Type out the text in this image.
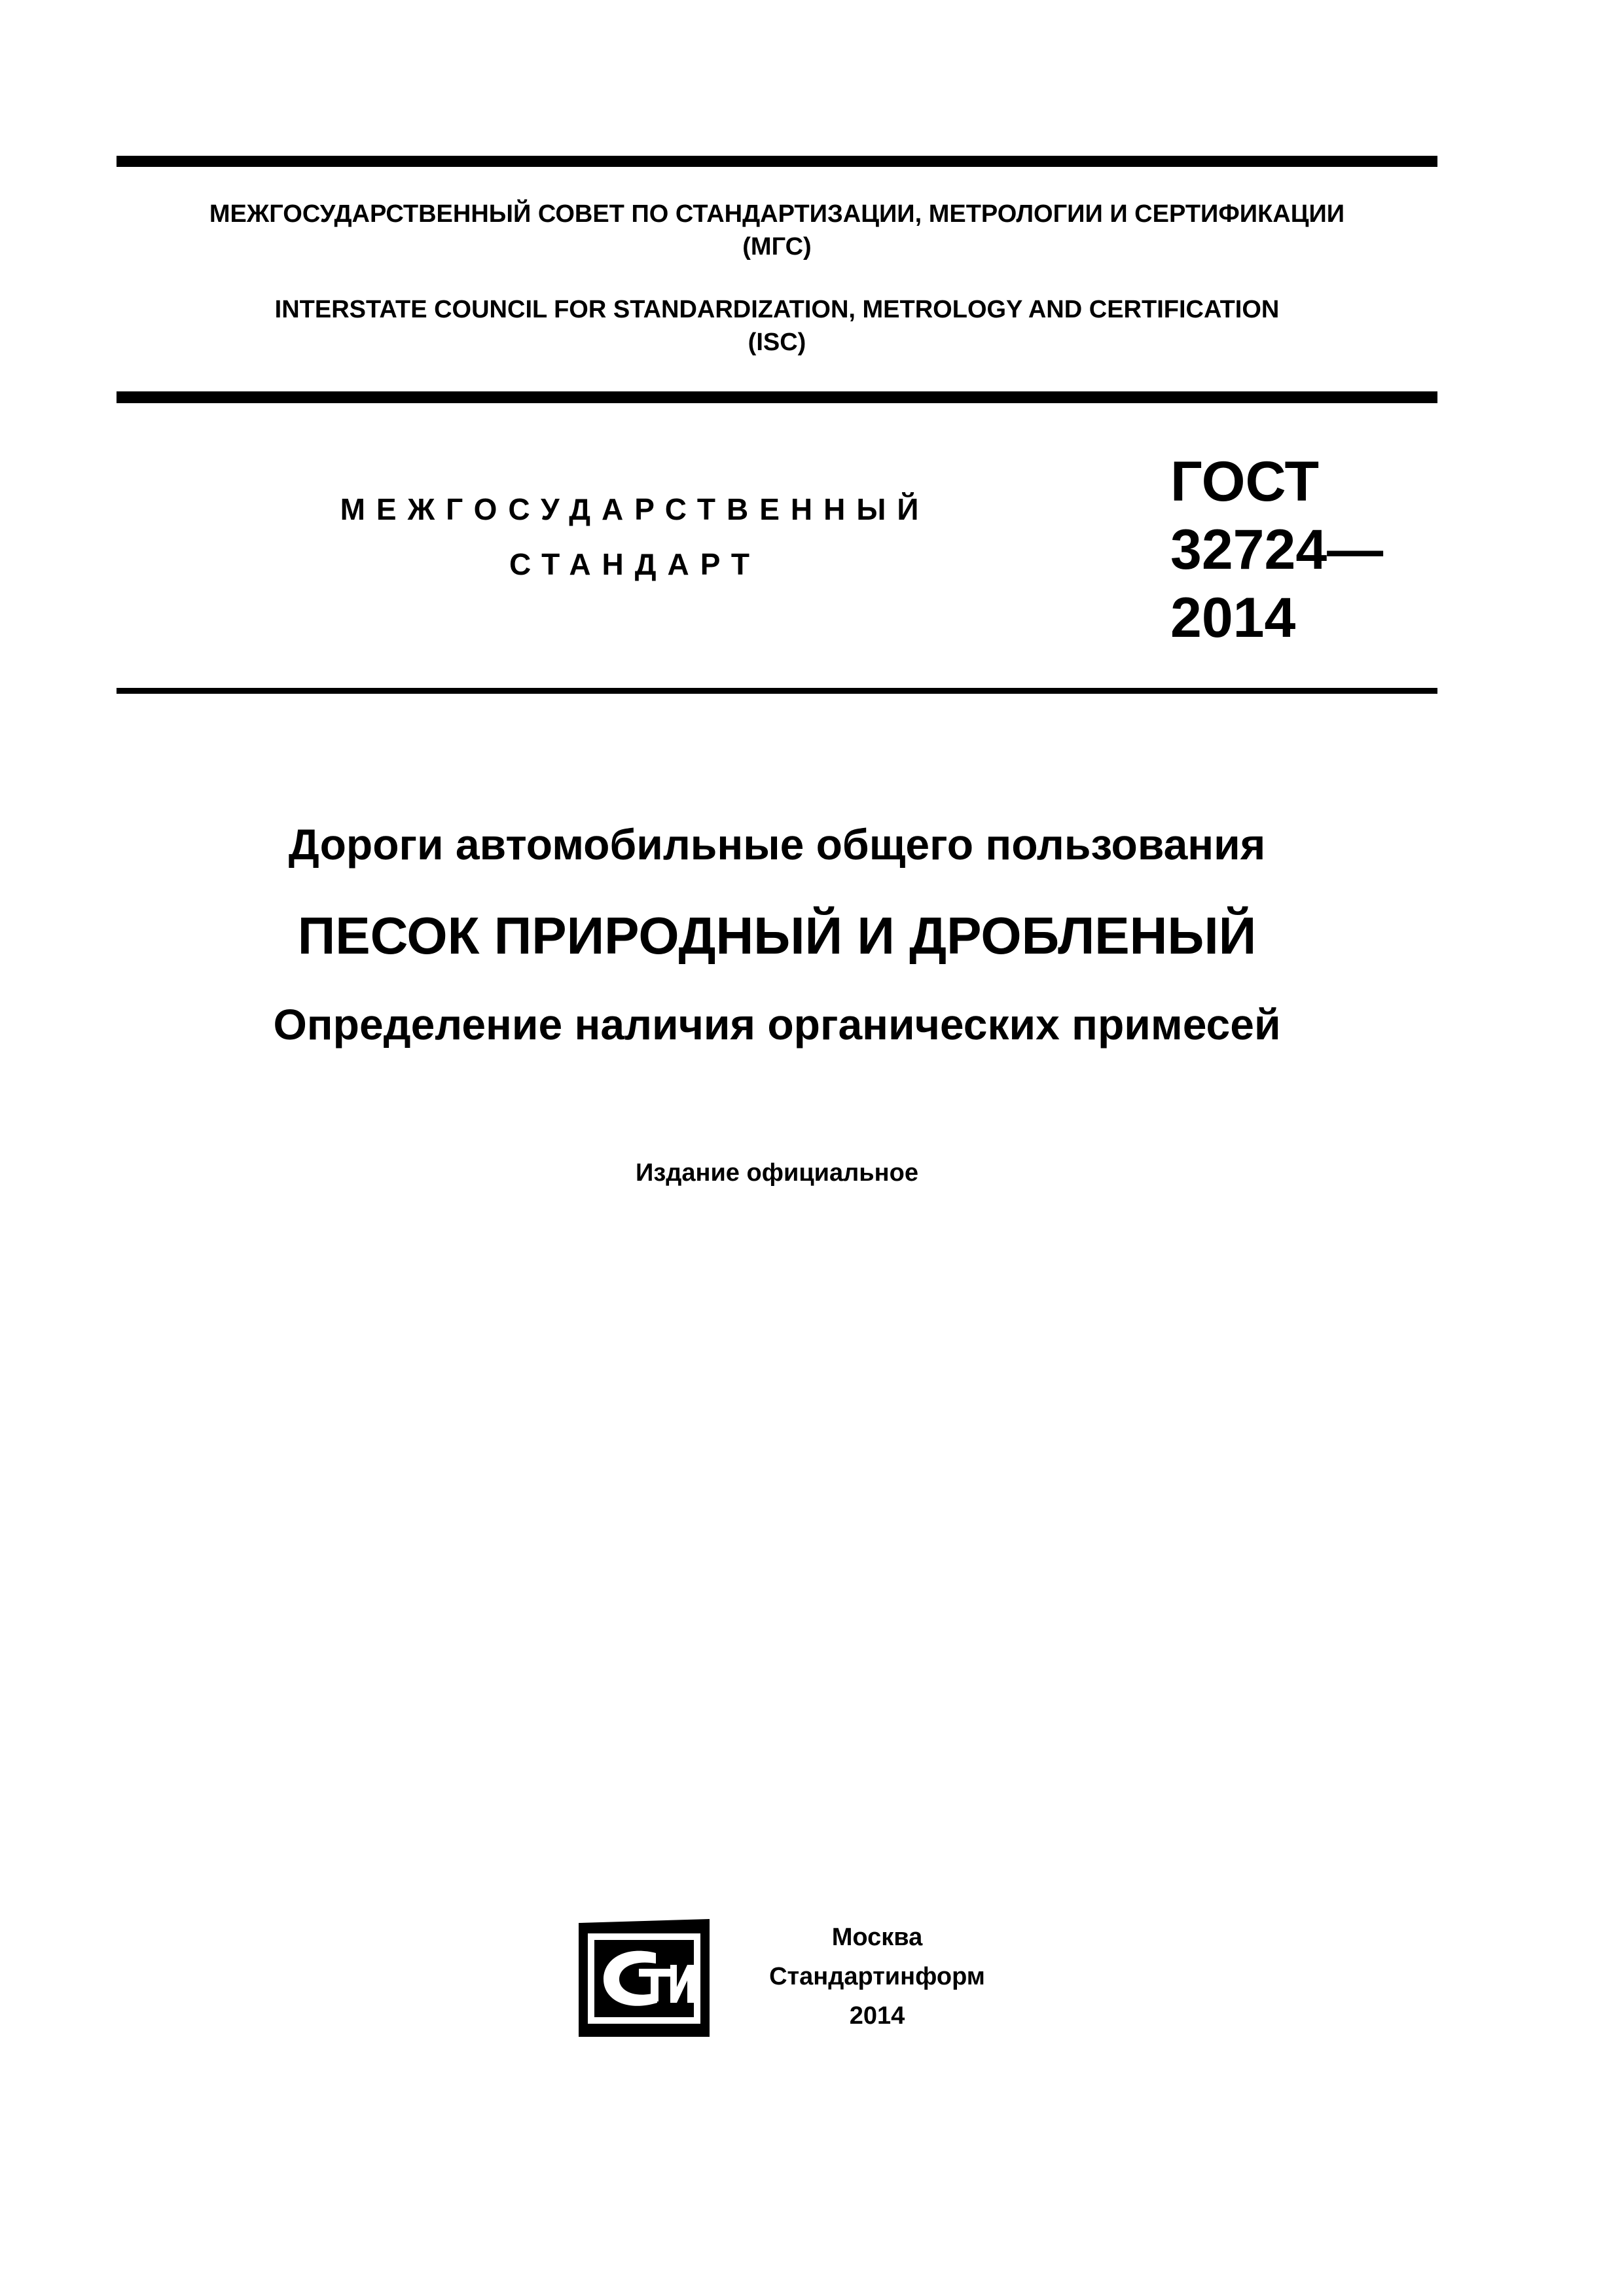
МЕЖГОСУДАРСТВЕННЫЙ СОВЕТ ПО СТАНДАРТИЗАЦИИ, МЕТРОЛОГИИ И СЕРТИФИКАЦИИ
(МГС)
INTERSTATE COUNCIL FOR STANDARDIZATION, METROLOGY AND CERTIFICATION
(ISC)
МЕЖГОСУДАРСТВЕННЫЙ
СТАНДАРТ
ГОСТ
32724—
2014
Дороги автомобильные общего пользования
ПЕСОК ПРИРОДНЫЙ И ДРОБЛЕНЫЙ
Определение наличия органических примесей
Издание официальное
СТИ
Москва
Стандартинформ
2014
